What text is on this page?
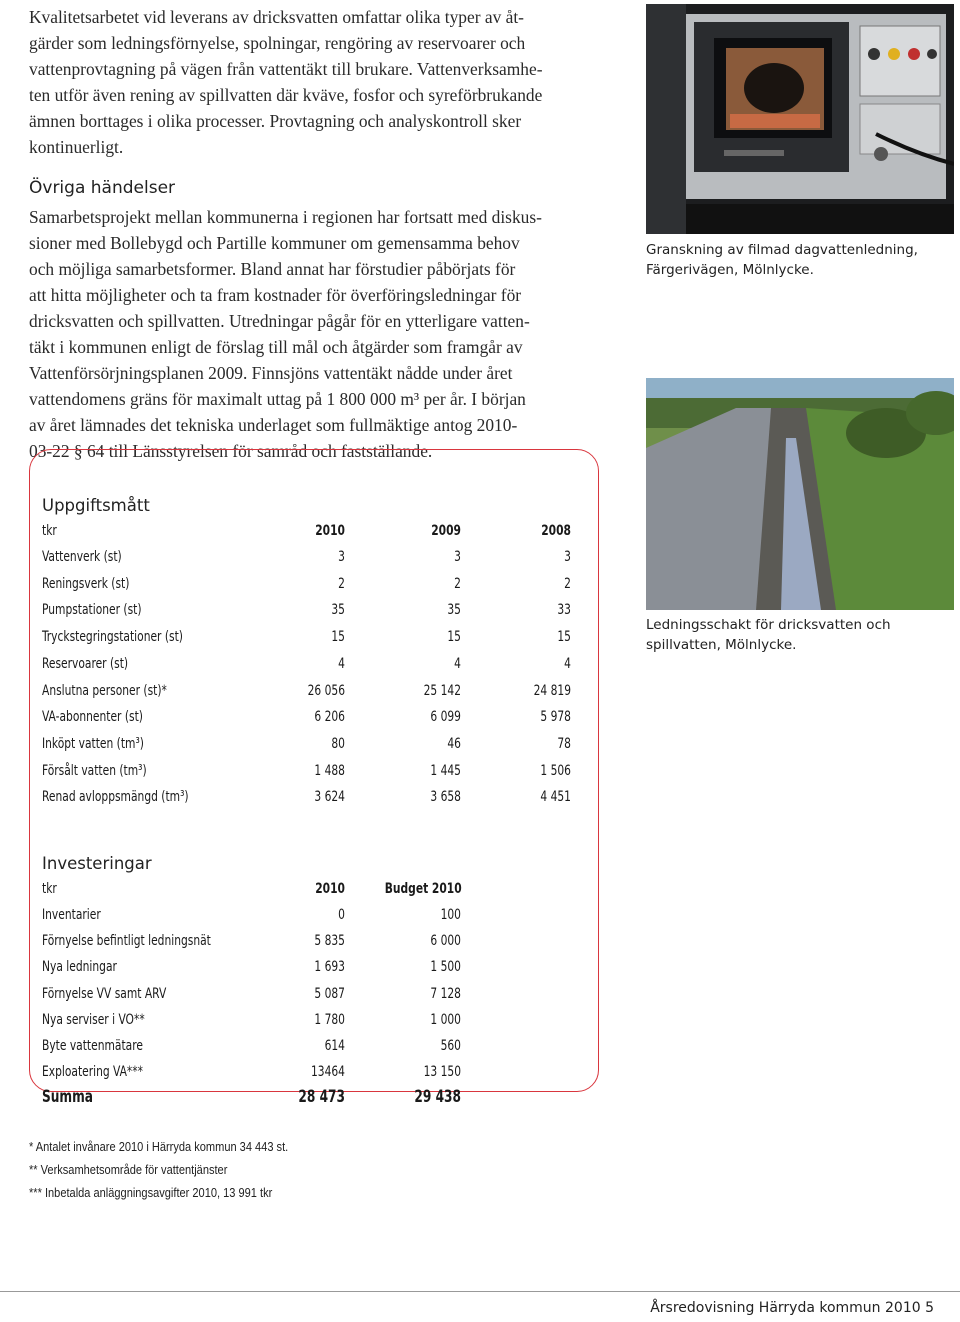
Kvalitetsarbetet vid leverans av dricksvatten omfattar olika typer av åt-
gärder som ledningsförnyelse, spolningar, rengöring av reservoarer och
vattenprovtagning på vägen från vattentäkt till brukare. Vattenverksamhe-
ten utför även rening av spillvatten där kväve, fosfor och syreförbrukande
ämnen borttages i olika processer. Provtagning och analyskontroll sker
kontinuerligt.
Övriga händelser
Samarbetsprojekt mellan kommunerna i regionen har fortsatt med diskus-
sioner med Bollebygd och Partille kommuner om gemensamma behov
och möjliga samarbetsformer. Bland annat har förstudier påbörjats för
att hitta möjligheter och ta fram kostnader för överföringsledningar för
dricksvatten och spillvatten. Utredningar pågår för en ytterligare vatten-
täkt i kommunen enligt de förslag till mål och åtgärder som framgår av
Vattenförsörjningsplanen 2009. Finnsjöns vattentäkt nådde under året
vattendomens gräns för maximalt uttag på 1 800 000 m³ per år. I början
av året lämnades det tekniska underlaget som fullmäktige antog 2010-
03-22 § 64 till Länsstyrelsen för samråd och fastställande.
Granskning av filmad dagvattenledning, Färgerivägen, Mölnlycke.
Ledningsschakt för dricksvatten och spillvatten, Mölnlycke.
Uppgiftsmått
tkr	2010	2009	2008
Vattenverk (st)	3	3	3
Reningsverk (st)	2	2	2
Pumpstationer (st)	35	35	33
Tryckstegringstationer (st)	15	15	15
Reservoarer (st)	4	4	4
Anslutna personer (st)*	26 056	25 142	24 819
VA-abonnenter (st)	6 206	6 099	5 978
Inköpt vatten (tm³)	80	46	78
Försålt vatten (tm³)	1 488	1 445	1 506
Renad avloppsmängd (tm³)	3 624	3 658	4 451
Investeringar
tkr	2010	Budget 2010
Inventarier	0	100
Förnyelse befintligt ledningsnät	5 835	6 000
Nya ledningar	1 693	1 500
Förnyelse VV samt ARV	5 087	7 128
Nya serviser i VO**	1 780	1 000
Byte vattenmätare	614	560
Exploatering VA***	13464	13 150
Summa	28 473	29 438
* Antalet invånare 2010 i Härryda kommun 34 443 st.
** Verksamhetsområde för vattentjänster
*** Inbetalda anläggningsavgifter 2010, 13 991 tkr
Årsredovisning Härryda kommun 2010 5
